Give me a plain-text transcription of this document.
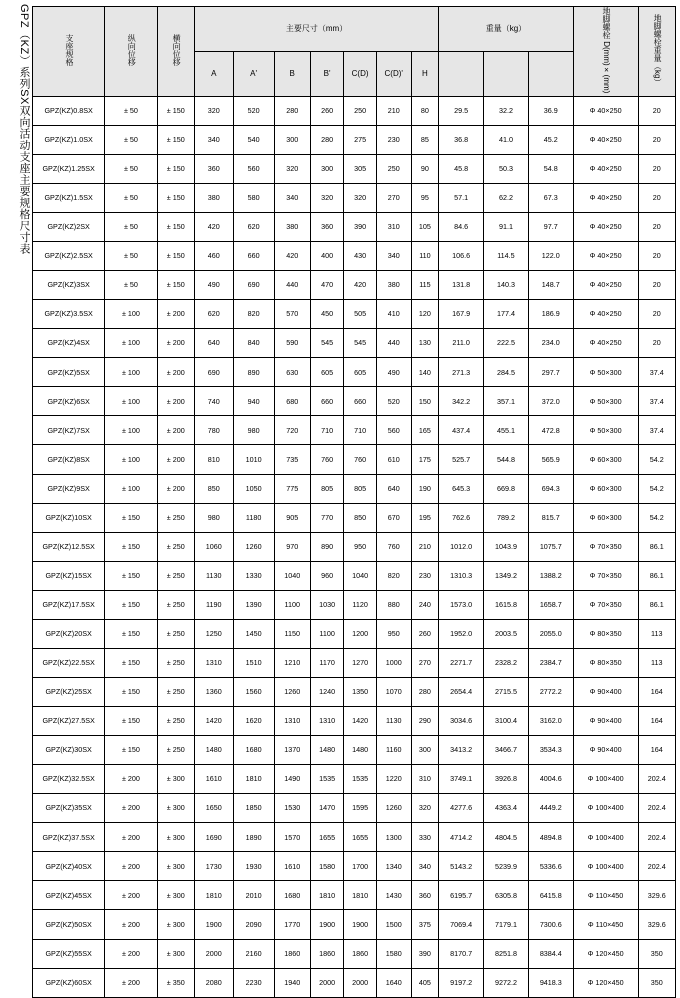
GPZ（KZ）系列SX双向活动支座主要规格尺寸表	支座规格	纵向位移	横向位移	主要尺寸（mm）							重量（kg）			地脚螺栓 D(mm)×(mm)	地脚螺栓重量（kg）
			A	A'	B	B'	C(D)	C(D)'	H					
GPZ(KZ)0.8SX	± 50	± 150	320	520	280	260	250	210	80	29.5	32.2	36.9	Φ 40×250	20
GPZ(KZ)1.0SX	± 50	± 150	340	540	300	280	275	230	85	36.8	41.0	45.2	Φ 40×250	20
GPZ(KZ)1.25SX	± 50	± 150	360	560	320	300	305	250	90	45.8	50.3	54.8	Φ 40×250	20
GPZ(KZ)1.5SX	± 50	± 150	380	580	340	320	320	270	95	57.1	62.2	67.3	Φ 40×250	20
GPZ(KZ)2SX	± 50	± 150	420	620	380	360	390	310	105	84.6	91.1	97.7	Φ 40×250	20
GPZ(KZ)2.5SX	± 50	± 150	460	660	420	400	430	340	110	106.6	114.5	122.0	Φ 40×250	20
GPZ(KZ)3SX	± 50	± 150	490	690	440	470	420	380	115	131.8	140.3	148.7	Φ 40×250	20
GPZ(KZ)3.5SX	± 100	± 200	620	820	570	450	505	410	120	167.9	177.4	186.9	Φ 40×250	20
GPZ(KZ)4SX	± 100	± 200	640	840	590	545	545	440	130	211.0	222.5	234.0	Φ 40×250	20
GPZ(KZ)5SX	± 100	± 200	690	890	630	605	605	490	140	271.3	284.5	297.7	Φ 50×300	37.4
GPZ(KZ)6SX	± 100	± 200	740	940	680	660	660	520	150	342.2	357.1	372.0	Φ 50×300	37.4
GPZ(KZ)7SX	± 100	± 200	780	980	720	710	710	560	165	437.4	455.1	472.8	Φ 50×300	37.4
GPZ(KZ)8SX	± 100	± 200	810	1010	735	760	760	610	175	525.7	544.8	565.9	Φ 60×300	54.2
GPZ(KZ)9SX	± 100	± 200	850	1050	775	805	805	640	190	645.3	669.8	694.3	Φ 60×300	54.2
GPZ(KZ)10SX	± 150	± 250	980	1180	905	770	850	670	195	762.6	789.2	815.7	Φ 60×300	54.2
GPZ(KZ)12.5SX	± 150	± 250	1060	1260	970	890	950	760	210	1012.0	1043.9	1075.7	Φ 70×350	86.1
GPZ(KZ)15SX	± 150	± 250	1130	1330	1040	960	1040	820	230	1310.3	1349.2	1388.2	Φ 70×350	86.1
GPZ(KZ)17.5SX	± 150	± 250	1190	1390	1100	1030	1120	880	240	1573.0	1615.8	1658.7	Φ 70×350	86.1
GPZ(KZ)20SX	± 150	± 250	1250	1450	1150	1100	1200	950	260	1952.0	2003.5	2055.0	Φ 80×350	113
GPZ(KZ)22.5SX	± 150	± 250	1310	1510	1210	1170	1270	1000	270	2271.7	2328.2	2384.7	Φ 80×350	113
GPZ(KZ)25SX	± 150	± 250	1360	1560	1260	1240	1350	1070	280	2654.4	2715.5	2772.2	Φ 90×400	164
GPZ(KZ)27.5SX	± 150	± 250	1420	1620	1310	1310	1420	1130	290	3034.6	3100.4	3162.0	Φ 90×400	164
GPZ(KZ)30SX	± 150	± 250	1480	1680	1370	1480	1480	1160	300	3413.2	3466.7	3534.3	Φ 90×400	164
GPZ(KZ)32.5SX	± 200	± 300	1610	1810	1490	1535	1535	1220	310	3749.1	3926.8	4004.6	Φ 100×400	202.4
GPZ(KZ)35SX	± 200	± 300	1650	1850	1530	1470	1595	1260	320	4277.6	4363.4	4449.2	Φ 100×400	202.4
GPZ(KZ)37.5SX	± 200	± 300	1690	1890	1570	1655	1655	1300	330	4714.2	4804.5	4894.8	Φ 100×400	202.4
GPZ(KZ)40SX	± 200	± 300	1730	1930	1610	1580	1700	1340	340	5143.2	5239.9	5336.6	Φ 100×400	202.4
GPZ(KZ)45SX	± 200	± 300	1810	2010	1680	1810	1810	1430	360	6195.7	6305.8	6415.8	Φ 110×450	329.6
GPZ(KZ)50SX	± 200	± 300	1900	2090	1770	1900	1900	1500	375	7069.4	7179.1	7300.6	Φ 110×450	329.6
GPZ(KZ)55SX	± 200	± 300	2000	2160	1860	1860	1860	1580	390	8170.7	8251.8	8384.4	Φ 120×450	350
GPZ(KZ)60SX	± 200	± 350	2080	2230	1940	2000	2000	1640	405	9197.2	9272.2	9418.3	Φ 120×450	350
